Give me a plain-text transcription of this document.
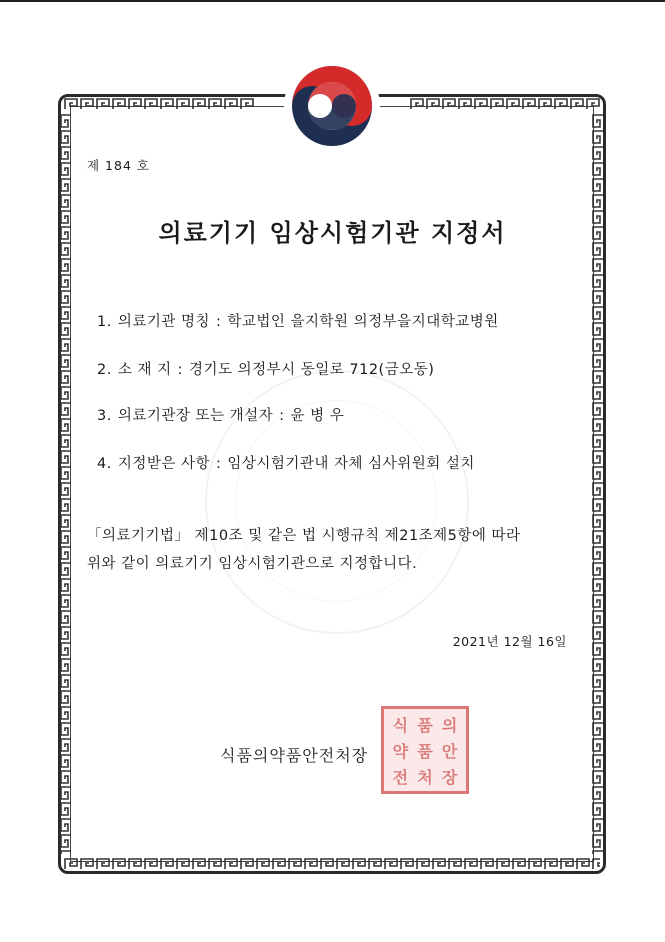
제 184 호
의료기기 임상시험기관 지정서
1. 의료기관 명칭 : 학교법인 을지학원 의정부을지대학교병원
2. 소 재 지 : 경기도 의정부시 동일로 712(금오동)
3. 의료기관장 또는 개설자 : 윤 병 우
4. 지정받은 사항 : 임상시험기관내 자체 심사위원회 설치
「의료기기법」 제10조 및 같은 법 시행규칙 제21조제5항에 따라
위와 같이 의료기기 임상시험기관으로 지정합니다.
2021년 12월 16일
식품의약품안전처장
식 품 의
약 품 안
전 처 장
